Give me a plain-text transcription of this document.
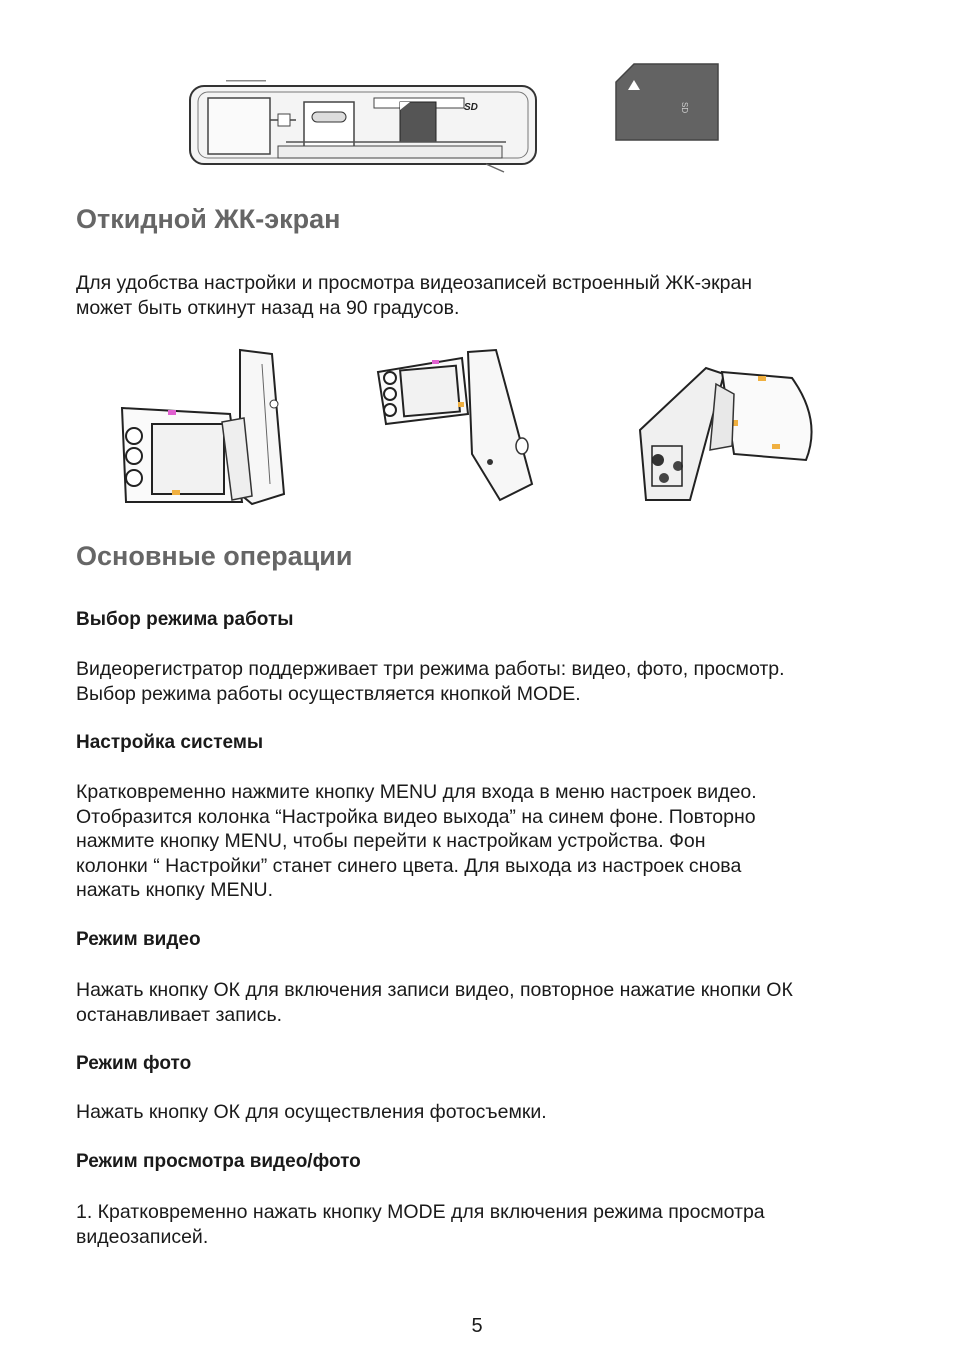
SD	SD
Откидной ЖК-экран

Для удобства настройки и просмотра видеозаписей встроенный ЖК-экран
может быть откинут назад на 90 градусов.

Основные операции
Выбор режима работы

Видеорегистратор поддерживает три режима работы: видео, фото, просмотр.
Выбор режима работы осуществляется кнопкой MODE.

Настройка системы

Кратковременно нажмите кнопку MENU для входа в меню настроек видео.
Отобразится колонка “Настройка видео выхода” на синем фоне. Повторно
нажмите кнопку MENU, чтобы перейти к настройкам устройства. Фон
колонки “ Настройки” станет синего цвета. Для выхода из настроек снова
нажать кнопку MENU.

Режим видео

Нажать кнопку ОК для включения записи видео, повторное нажатие кнопки ОК
останавливает запись.

Режим фото

Нажать кнопку ОК для осуществления фотосъемки.

Режим просмотра видео/фото

1. Кратковременно нажать кнопку MODE для включения режима просмотра
видеозаписей.

5
